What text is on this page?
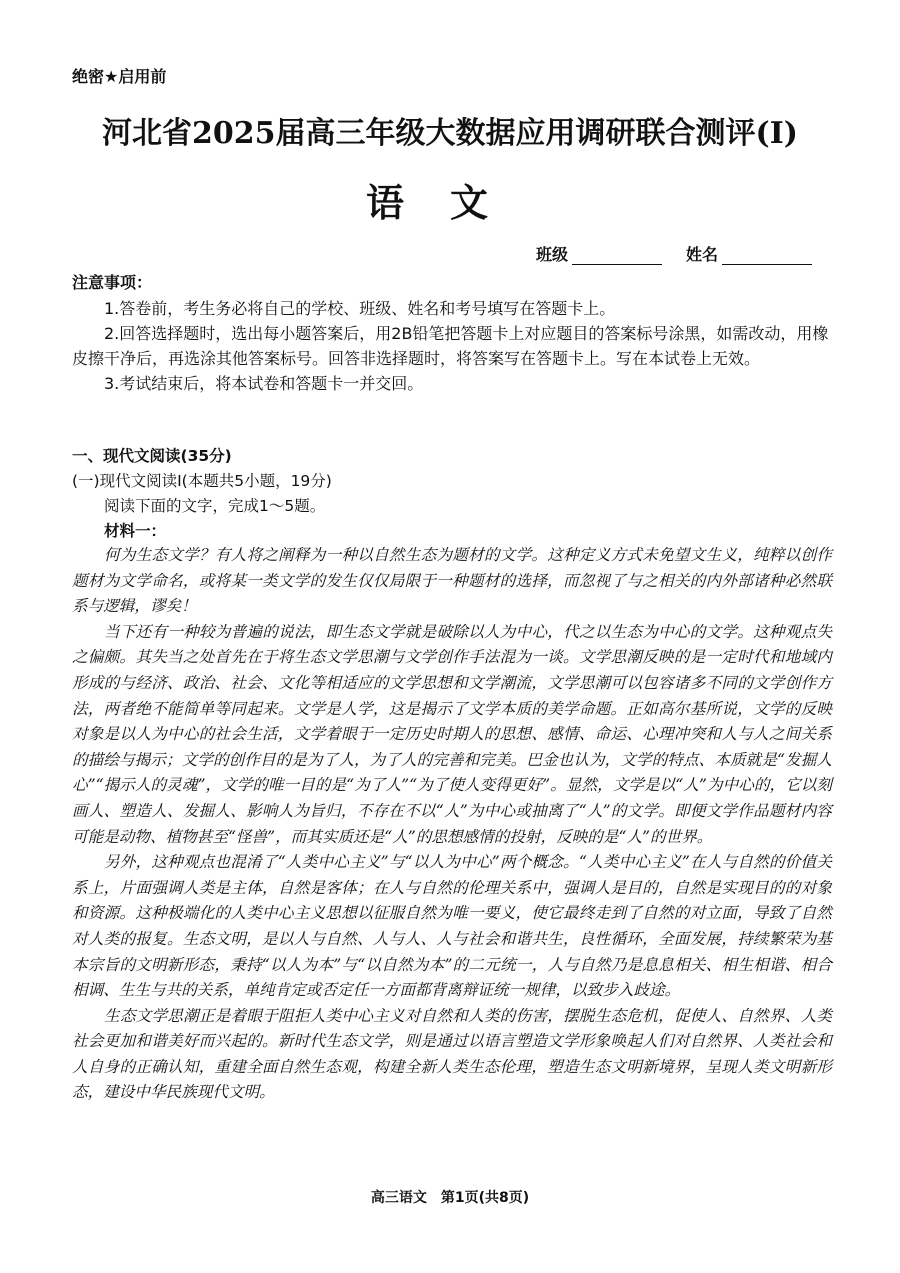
绝密★启用前
河北省2025届高三年级大数据应用调研联合测评(Ⅰ)
语文
班级	姓名
注意事项：

1.答卷前，考生务必将自己的学校、班级、姓名和考号填写在答题卡上。

2.回答选择题时，选出每小题答案后，用2B铅笔把答题卡上对应题目的答案标号涂黑，如需改动，用橡皮擦干净后，再选涂其他答案标号。回答非选择题时，将答案写在答题卡上。写在本试卷上无效。

3.考试结束后，将本试卷和答题卡一并交回。

一、现代文阅读(35分)
(一)现代文阅读Ⅰ(本题共5小题，19分)
阅读下面的文字，完成1～5题。
材料一：

何为生态文学？有人将之阐释为一种以自然生态为题材的文学。这种定义方式未免望文生义，纯粹以创作题材为文学命名，或将某一类文学的发生仅仅局限于一种题材的选择，而忽视了与之相关的内外部诸种必然联系与逻辑，谬矣！

当下还有一种较为普遍的说法，即生态文学就是破除以人为中心，代之以生态为中心的文学。这种观点失之偏颇。其失当之处首先在于将生态文学思潮与文学创作手法混为一谈。文学思潮反映的是一定时代和地域内形成的与经济、政治、社会、文化等相适应的文学思想和文学潮流，文学思潮可以包容诸多不同的文学创作方法，两者绝不能简单等同起来。文学是人学，这是揭示了文学本质的美学命题。正如高尔基所说，文学的反映对象是以人为中心的社会生活，文学着眼于一定历史时期人的思想、感情、命运、心理冲突和人与人之间关系的描绘与揭示；文学的创作目的是为了人，为了人的完善和完美。巴金也认为，文学的特点、本质就是“发掘人心”“揭示人的灵魂”，文学的唯一目的是“为了人”“为了使人变得更好”。显然，文学是以“人”为中心的，它以刻画人、塑造人、发掘人、影响人为旨归，不存在不以“人”为中心或抽离了“人”的文学。即便文学作品题材内容可能是动物、植物甚至“怪兽”，而其实质还是“人”的思想感情的投射，反映的是“人”的世界。

另外，这种观点也混淆了“人类中心主义”与“以人为中心”两个概念。“人类中心主义”在人与自然的价值关系上，片面强调人类是主体，自然是客体；在人与自然的伦理关系中，强调人是目的，自然是实现目的的对象和资源。这种极端化的人类中心主义思想以征服自然为唯一要义，使它最终走到了自然的对立面，导致了自然对人类的报复。生态文明，是以人与自然、人与人、人与社会和谐共生，良性循环，全面发展，持续繁荣为基本宗旨的文明新形态，秉持“以人为本”与“以自然为本”的二元统一，人与自然乃是息息相关、相生相谐、相合相调、生生与共的关系，单纯肯定或否定任一方面都背离辩证统一规律，以致步入歧途。

生态文学思潮正是着眼于阻拒人类中心主义对自然和人类的伤害，摆脱生态危机，促使人、自然界、人类社会更加和谐美好而兴起的。新时代生态文学，则是通过以语言塑造文学形象唤起人们对自然界、人类社会和人自身的正确认知，重建全面自然生态观，构建全新人类生态伦理，塑造生态文明新境界，呈现人类文明新形态，建设中华民族现代文明。

高三语文　第1页(共8页)
